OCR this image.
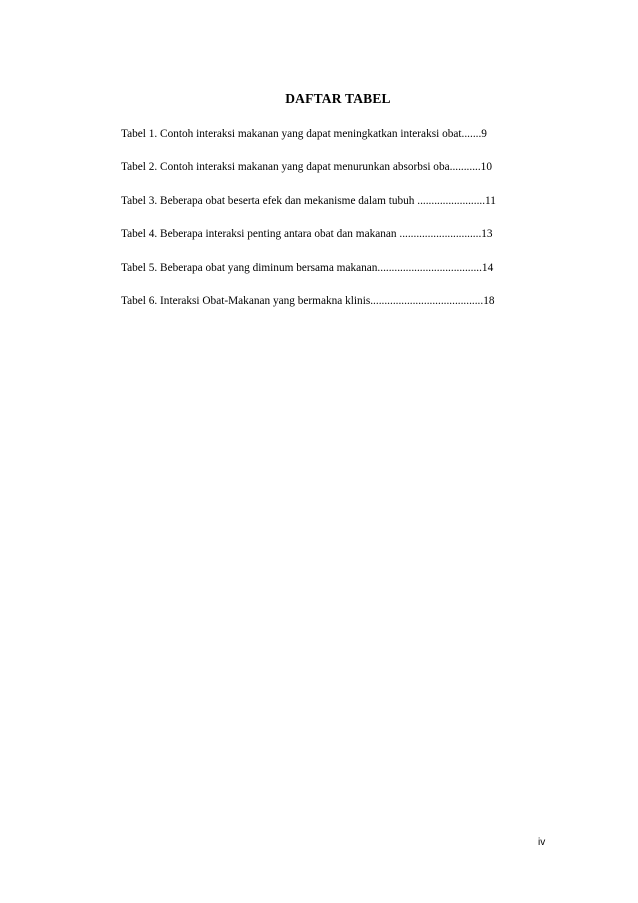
DAFTAR TABEL
Tabel 1. Contoh interaksi makanan yang dapat meningkatkan interaksi obat.......9
Tabel 2. Contoh interaksi makanan yang dapat menurunkan absorbsi oba...........10
Tabel 3. Beberapa obat beserta efek dan mekanisme dalam tubuh ........................11
Tabel 4. Beberapa interaksi penting antara obat dan makanan .............................13
Tabel 5. Beberapa obat yang diminum bersama makanan.....................................14
Tabel 6. Interaksi Obat-Makanan yang bermakna klinis........................................18
iv
